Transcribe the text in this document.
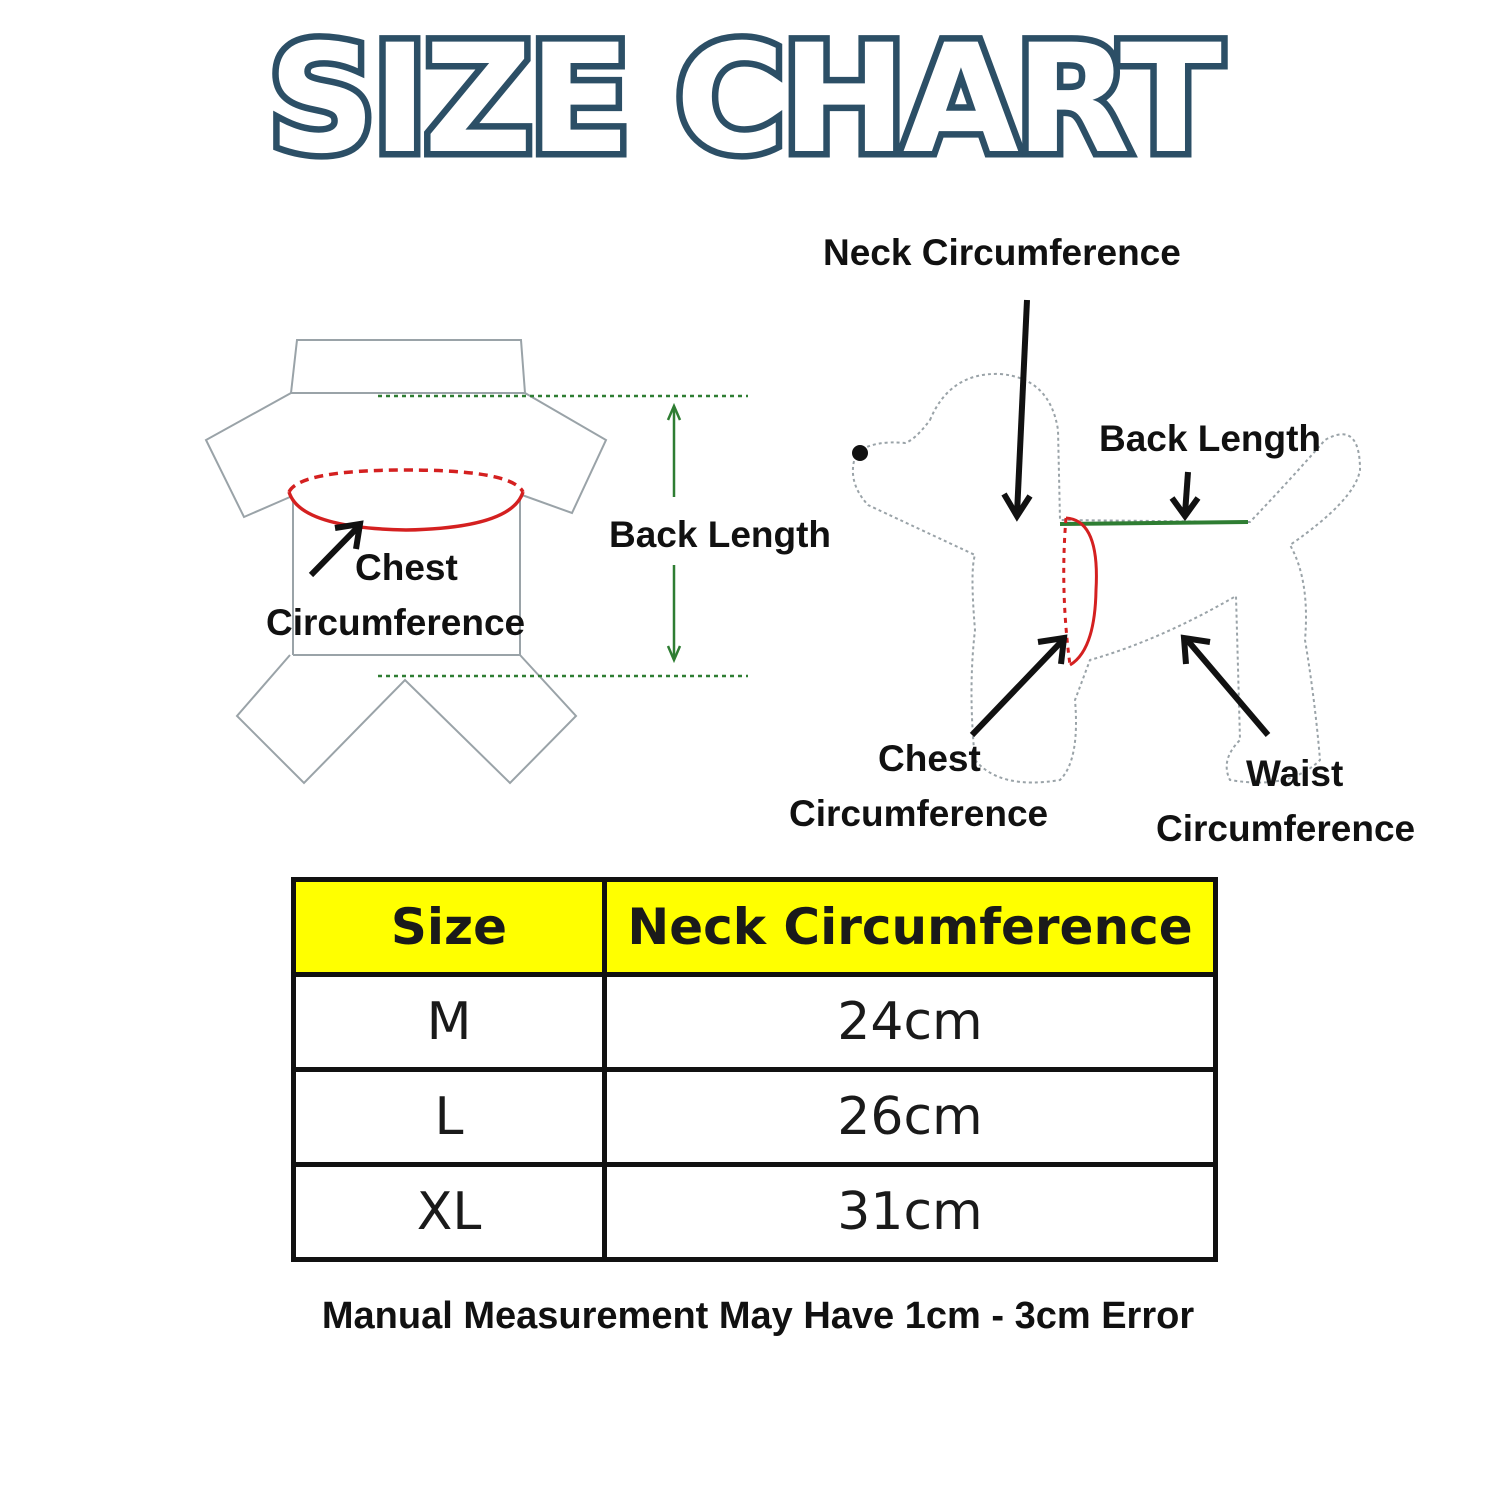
SIZE CHART
Chest
Circumference
Back Length
Neck Circumference
Back Length
Chest
Circumference
Waist
Circumference
Size	Neck Circumference
M	24cm
L	26cm
XL	31cm
Manual Measurement May Have 1cm - 3cm Error
